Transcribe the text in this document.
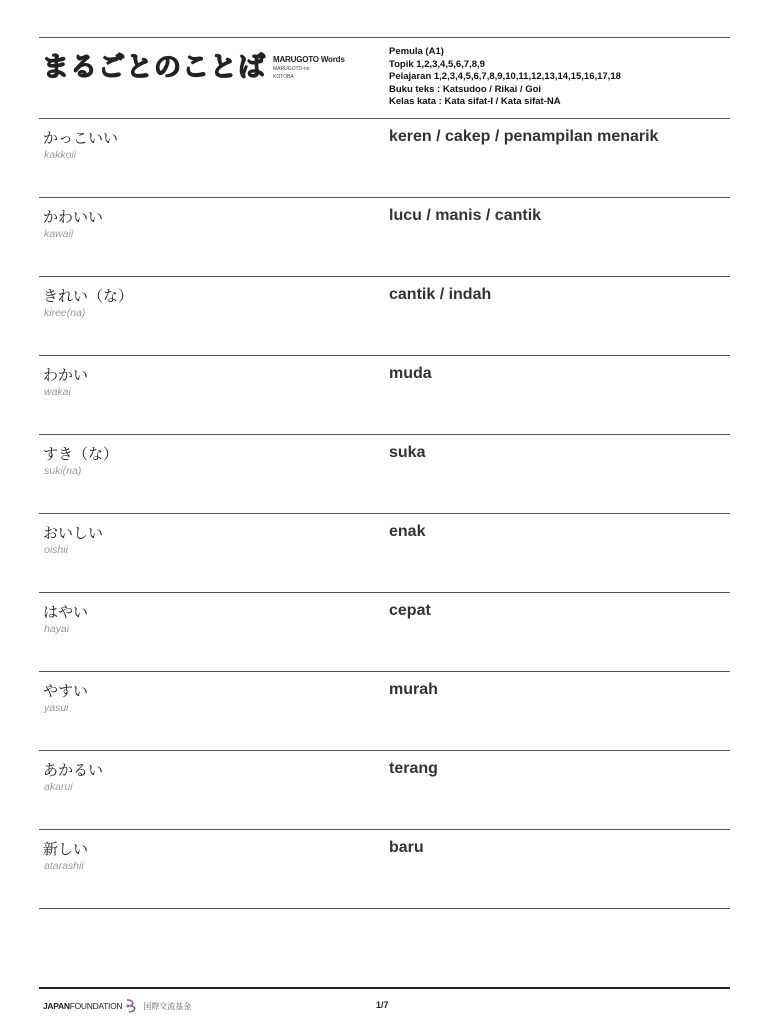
まるごとのことば MARUGOTO Words
MARUGOTO-no
KOTOBA
Pemula (A1)
Topik 1,2,3,4,5,6,7,8,9
Pelajaran 1,2,3,4,5,6,7,8,9,10,11,12,13,14,15,16,17,18
Buku teks : Katsudoo / Rikai / Goi
Kelas kata : Kata sifat-I / Kata sifat-NA
かっこいい
kakkoii
keren / cakep / penampilan menarik
かわいい
kawaii
lucu / manis / cantik
きれい（な）
kiree(na)
cantik / indah
わかい
wakai
muda
すき（な）
suki(na)
suka
おいしい
oishii
enak
はやい
hayai
cepat
やすい
yasui
murah
あかるい
akarui
terang
新しい
atarashii
baru
JAPANFOUNDATION	国際交流基金	1/7
